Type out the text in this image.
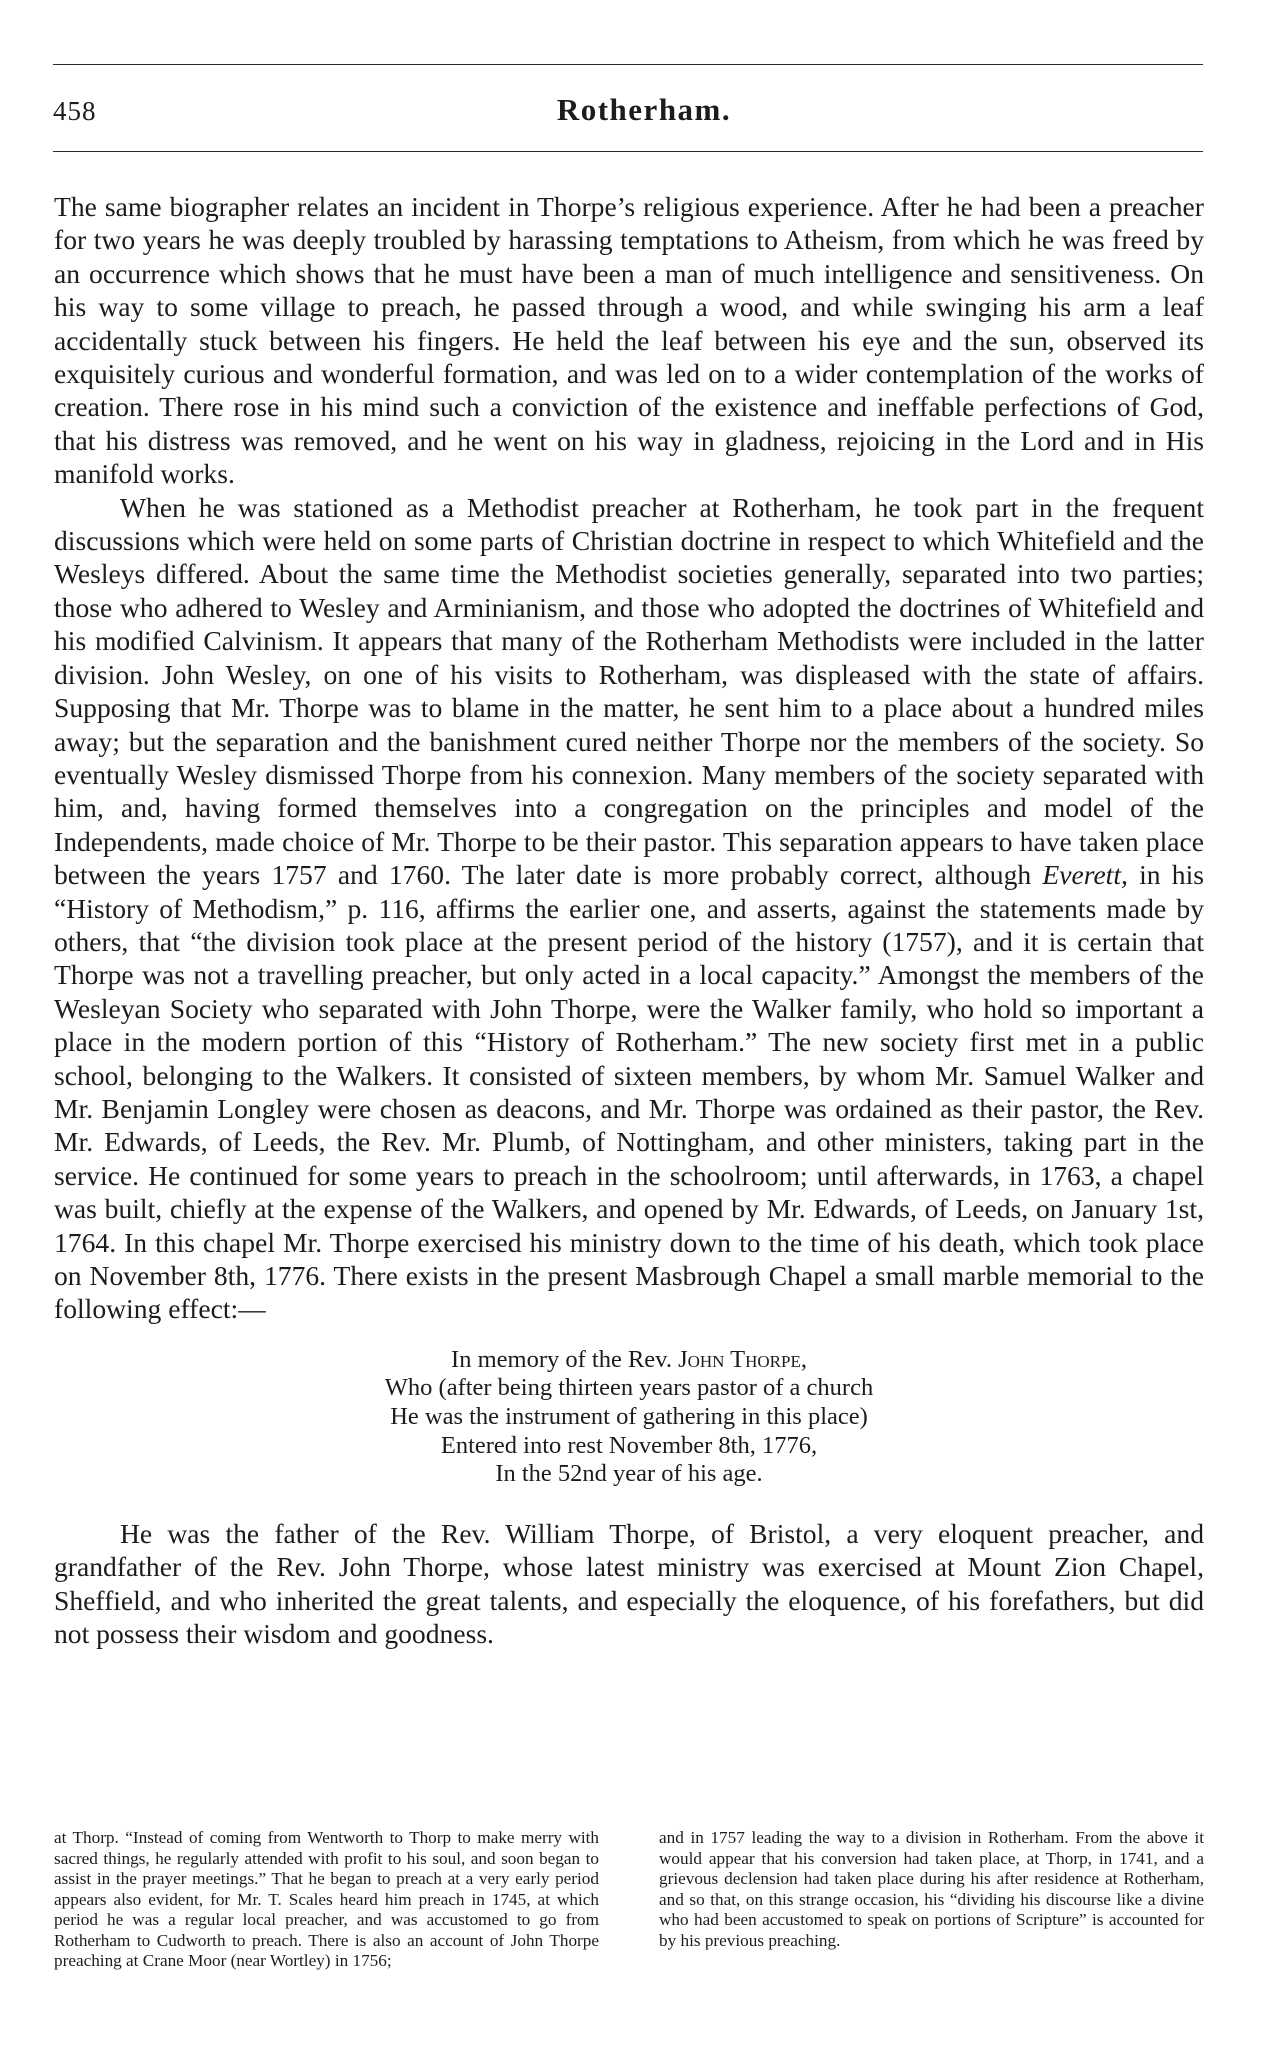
458	Rotherham.

The same biographer relates an incident in Thorpe’s religious experience. After he had been a preacher for two years he was deeply troubled by harassing temptations to Atheism, from which he was freed by an occurrence which shows that he must have been a man of much intelligence and sensitiveness. On his way to some village to preach, he passed through a wood, and while swinging his arm a leaf accidentally stuck between his fingers. He held the leaf between his eye and the sun, observed its exquisitely curious and wonderful formation, and was led on to a wider contemplation of the works of creation. There rose in his mind such a conviction of the existence and ineffable perfections of God, that his distress was removed, and he went on his way in gladness, rejoicing in the Lord and in His manifold works.

When he was stationed as a Methodist preacher at Rotherham, he took part in the frequent discussions which were held on some parts of Christian doctrine in respect to which Whitefield and the Wesleys differed. About the same time the Methodist societies generally, separated into two parties; those who adhered to Wesley and Arminianism, and those who adopted the doctrines of Whitefield and his modified Calvinism. It appears that many of the Rotherham Methodists were included in the latter division. John Wesley, on one of his visits to Rotherham, was displeased with the state of affairs. Supposing that Mr. Thorpe was to blame in the matter, he sent him to a place about a hundred miles away; but the separation and the banishment cured neither Thorpe nor the members of the society. So eventually Wesley dismissed Thorpe from his connexion. Many members of the society separated with him, and, having formed themselves into a congregation on the principles and model of the Independents, made choice of Mr. Thorpe to be their pastor. This separation appears to have taken place between the years 1757 and 1760. The later date is more probably correct, although Everett, in his “History of Methodism,” p. 116, affirms the earlier one, and asserts, against the statements made by others, that “the division took place at the present period of the history (1757), and it is certain that Thorpe was not a travelling preacher, but only acted in a local capacity.” Amongst the members of the Wesleyan Society who separated with John Thorpe, were the Walker family, who hold so important a place in the modern portion of this “History of Rotherham.” The new society first met in a public school, belonging to the Walkers. It consisted of sixteen members, by whom Mr. Samuel Walker and Mr. Benjamin Longley were chosen as deacons, and Mr. Thorpe was ordained as their pastor, the Rev. Mr. Edwards, of Leeds, the Rev. Mr. Plumb, of Nottingham, and other ministers, taking part in the service. He continued for some years to preach in the schoolroom; until afterwards, in 1763, a chapel was built, chiefly at the expense of the Walkers, and opened by Mr. Edwards, of Leeds, on January 1st, 1764. In this chapel Mr. Thorpe exercised his ministry down to the time of his death, which took place on November 8th, 1776. There exists in the present Masbrough Chapel a small marble memorial to the following effect:—

In memory of the Rev. John Thorpe,
Who (after being thirteen years pastor of a church
He was the instrument of gathering in this place)
Entered into rest November 8th, 1776,
In the 52nd year of his age.

He was the father of the Rev. William Thorpe, of Bristol, a very eloquent preacher, and grandfather of the Rev. John Thorpe, whose latest ministry was exercised at Mount Zion Chapel, Sheffield, and who inherited the great talents, and especially the eloquence, of his forefathers, but did not possess their wisdom and goodness.

at Thorp. “Instead of coming from Wentworth to Thorp to make merry with sacred things, he regularly attended with profit to his soul, and soon began to assist in the prayer meetings.” That he began to preach at a very early period appears also evident, for Mr. T. Scales heard him preach in 1745, at which period he was a regular local preacher, and was accustomed to go from Rotherham to Cudworth to preach. There is also an account of John Thorpe preaching at Crane Moor (near Wortley) in 1756;

and in 1757 leading the way to a division in Rotherham. From the above it would appear that his conversion had taken place, at Thorp, in 1741, and a grievous declension had taken place during his after residence at Rotherham, and so that, on this strange occasion, his “dividing his discourse like a divine who had been accustomed to speak on portions of Scripture” is accounted for by his previous preaching.
